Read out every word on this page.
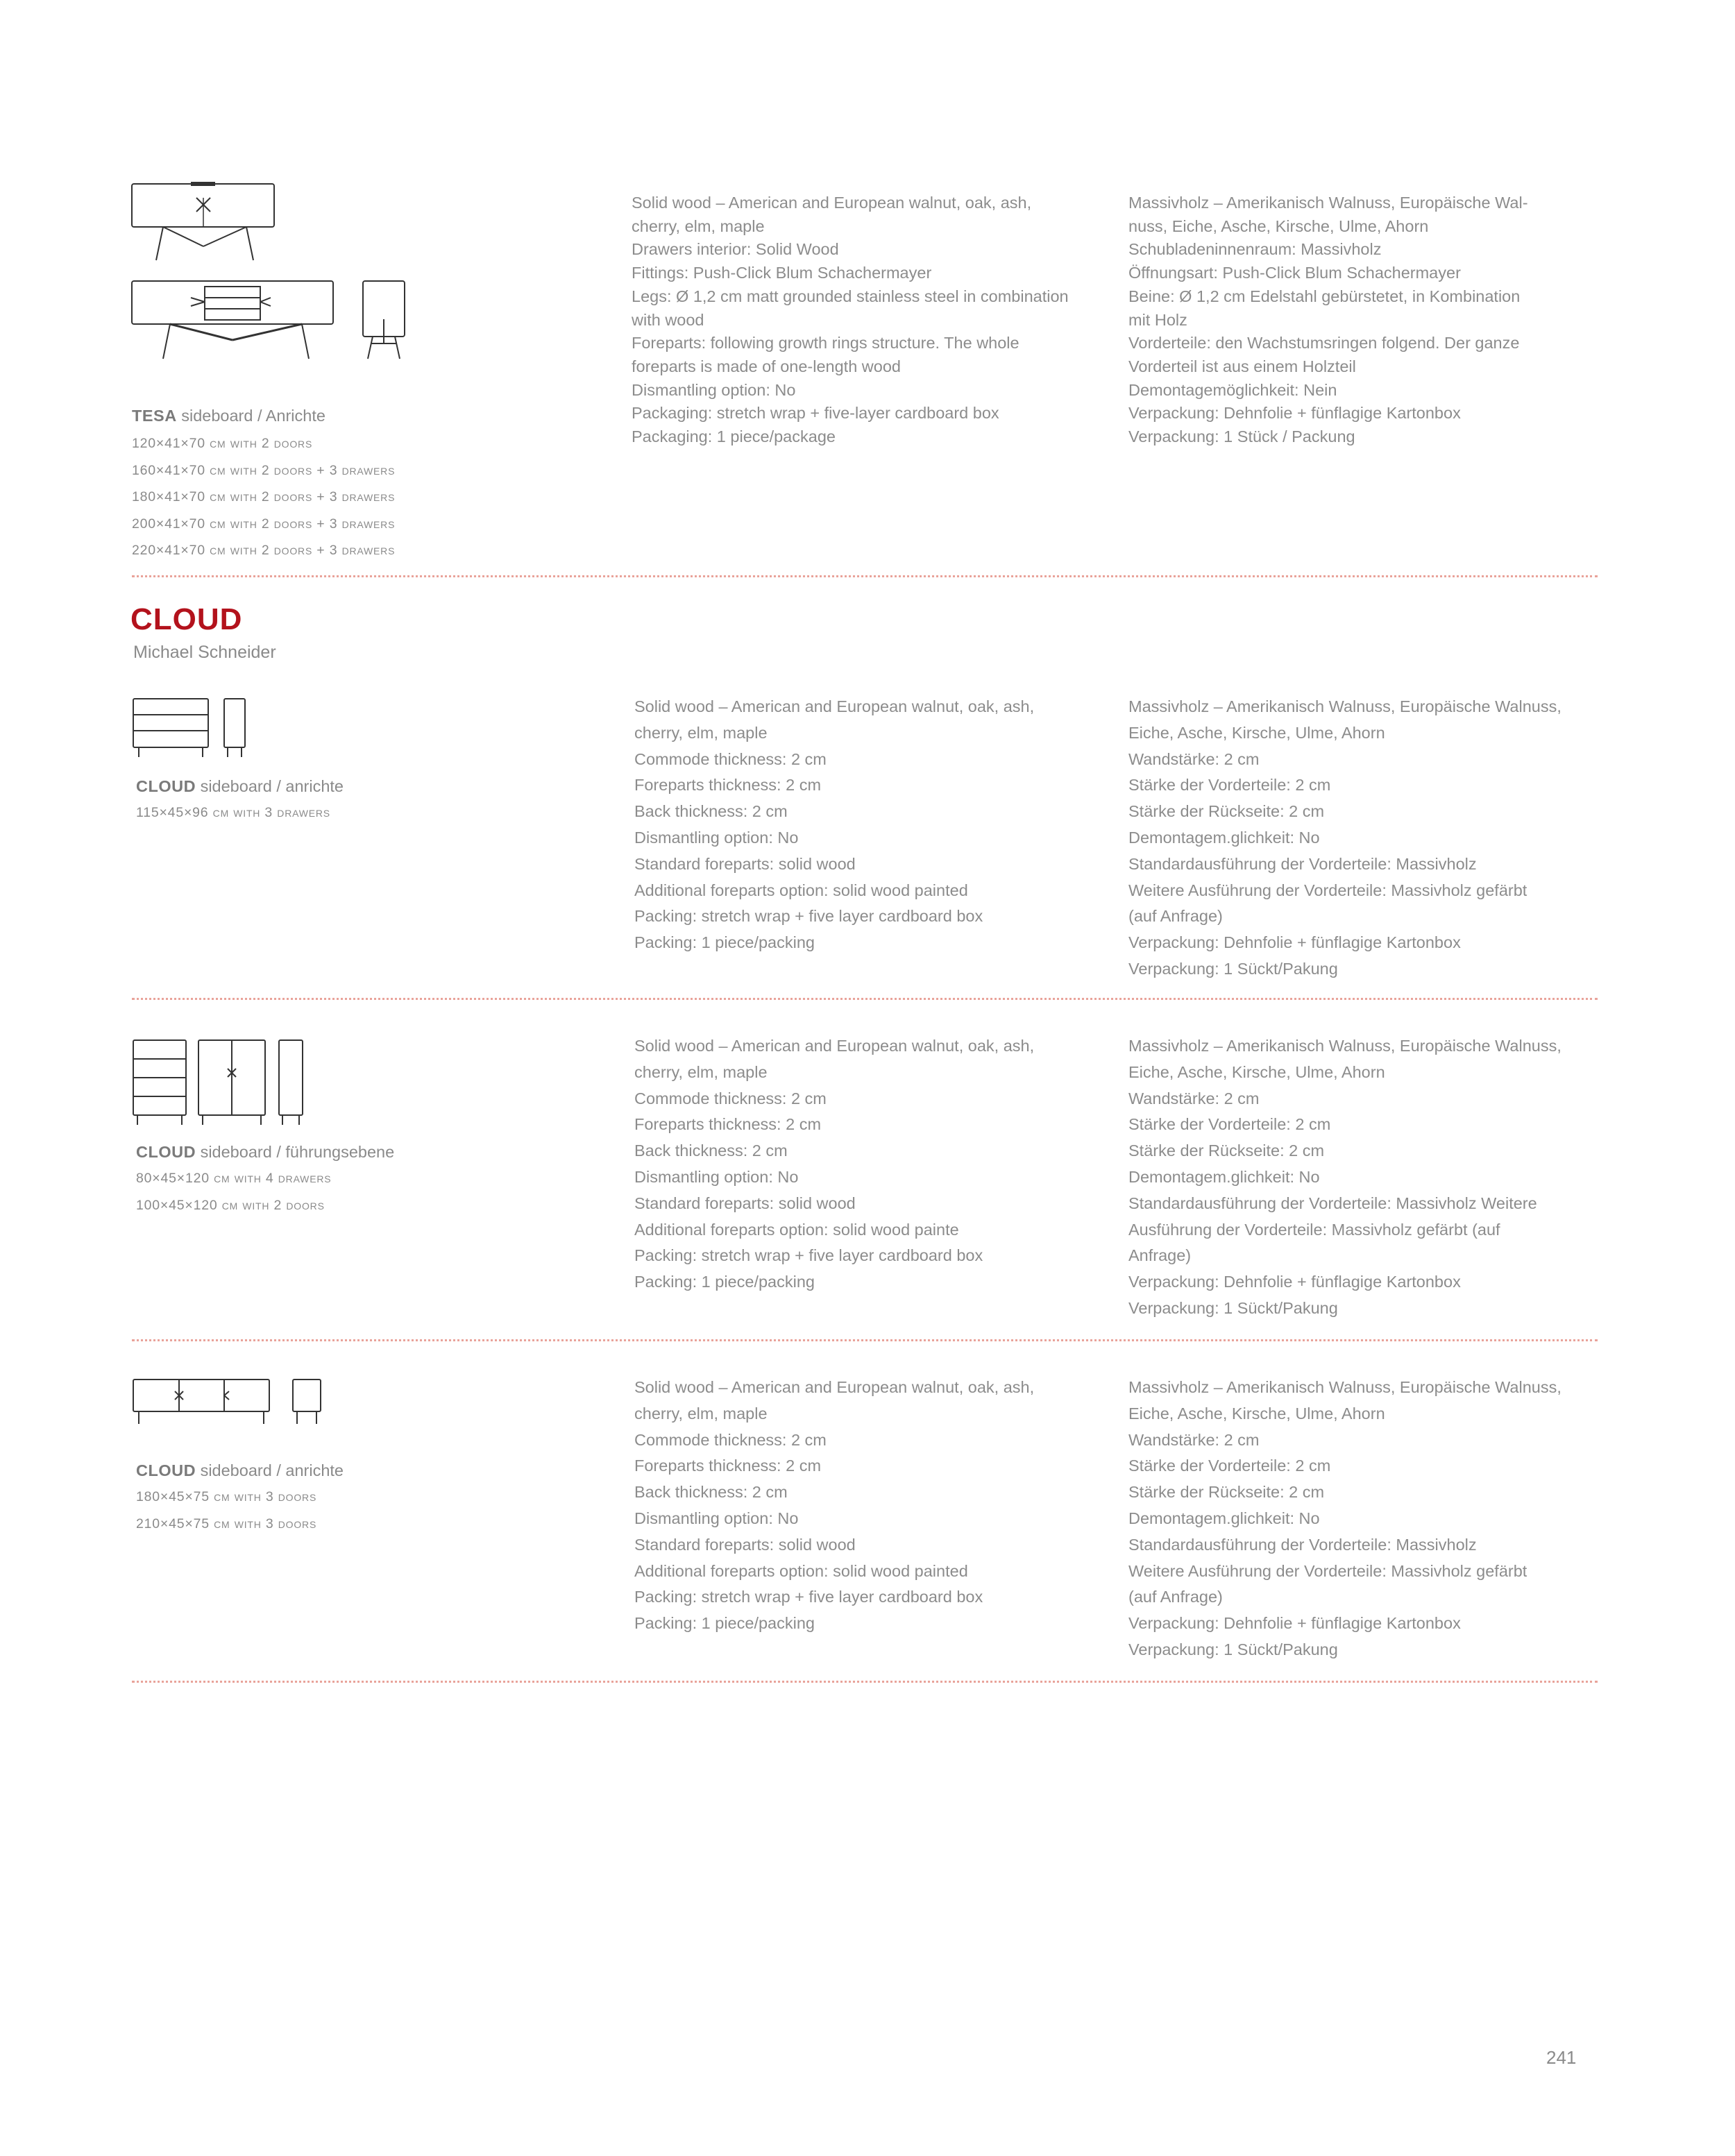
TESA sideboard / Anrichte
120×41×70 cm with 2 doors
160×41×70 cm with 2 doors + 3 drawers
180×41×70 cm with 2 doors + 3 drawers
200×41×70 cm with 2 doors + 3 drawers
220×41×70 cm with 2 doors + 3 drawers
Solid wood – American and European walnut, oak, ash,
cherry, elm, maple
Drawers interior: Solid Wood
Fittings: Push-Click Blum Schachermayer
Legs: Ø 1,2 cm matt grounded stainless steel in combination
with wood
Foreparts: following growth rings structure. The whole
foreparts is made of one-length wood
Dismantling option: No
Packaging: stretch wrap + five-layer cardboard box
Packaging: 1 piece/package
Massivholz – Amerikanisch Walnuss, Europäische Wal-
nuss, Eiche, Asche, Kirsche, Ulme, Ahorn
Schubladeninnenraum: Massivholz
Öffnungsart: Push-Click Blum Schachermayer
Beine: Ø 1,2 cm Edelstahl gebürstetet, in Kombination
mit Holz
Vorderteile: den Wachstumsringen folgend. Der ganze
Vorderteil ist aus einem Holzteil
Demontagemöglichkeit: Nein
Verpackung: Dehnfolie + fünflagige Kartonbox
Verpackung: 1 Stück / Packung
CLOUD
Michael Schneider
CLOUD sideboard / anrichte
115×45×96 cm with 3 drawers
Solid wood – American and European walnut, oak, ash,
cherry, elm, maple
Commode thickness: 2 cm
Foreparts thickness: 2 cm
Back thickness: 2 cm
Dismantling option: No
Standard foreparts: solid wood
Additional foreparts option: solid wood painted
Packing: stretch wrap + five layer cardboard box
Packing: 1 piece/packing
Massivholz – Amerikanisch Walnuss, Europäische Walnuss,
Eiche, Asche, Kirsche, Ulme, Ahorn
Wandstärke: 2 cm
Stärke der Vorderteile: 2 cm
Stärke der Rückseite: 2 cm
Demontagem.glichkeit: No
Standardausführung der Vorderteile: Massivholz
Weitere Ausführung der Vorderteile: Massivholz gefärbt
(auf Anfrage)
Verpackung: Dehnfolie + fünflagige Kartonbox
Verpackung: 1 Sückt/Pakung
CLOUD sideboard / führungsebene
80×45×120 cm with 4 drawers
100×45×120 cm with 2 doors
Solid wood – American and European walnut, oak, ash,
cherry, elm, maple
Commode thickness: 2 cm
Foreparts thickness: 2 cm
Back thickness: 2 cm
Dismantling option: No
Standard foreparts: solid wood
Additional foreparts option: solid wood painte
Packing: stretch wrap + five layer cardboard box
Packing: 1 piece/packing
Massivholz – Amerikanisch Walnuss, Europäische Walnuss,
Eiche, Asche, Kirsche, Ulme, Ahorn
Wandstärke: 2 cm
Stärke der Vorderteile: 2 cm
Stärke der Rückseite: 2 cm
Demontagem.glichkeit: No
Standardausführung der Vorderteile: Massivholz Weitere
Ausführung der Vorderteile: Massivholz gefärbt (auf
Anfrage)
Verpackung: Dehnfolie + fünflagige Kartonbox
Verpackung: 1 Sückt/Pakung
CLOUD sideboard / anrichte
180×45×75 cm with 3 doors
210×45×75 cm with 3 doors
Solid wood – American and European walnut, oak, ash,
cherry, elm, maple
Commode thickness: 2 cm
Foreparts thickness: 2 cm
Back thickness: 2 cm
Dismantling option: No
Standard foreparts: solid wood
Additional foreparts option: solid wood painted
Packing: stretch wrap + five layer cardboard box
Packing: 1 piece/packing
Massivholz – Amerikanisch Walnuss, Europäische Walnuss,
Eiche, Asche, Kirsche, Ulme, Ahorn
Wandstärke: 2 cm
Stärke der Vorderteile: 2 cm
Stärke der Rückseite: 2 cm
Demontagem.glichkeit: No
Standardausführung der Vorderteile: Massivholz
Weitere Ausführung der Vorderteile: Massivholz gefärbt
(auf Anfrage)
Verpackung: Dehnfolie + fünflagige Kartonbox
Verpackung: 1 Sückt/Pakung
241
